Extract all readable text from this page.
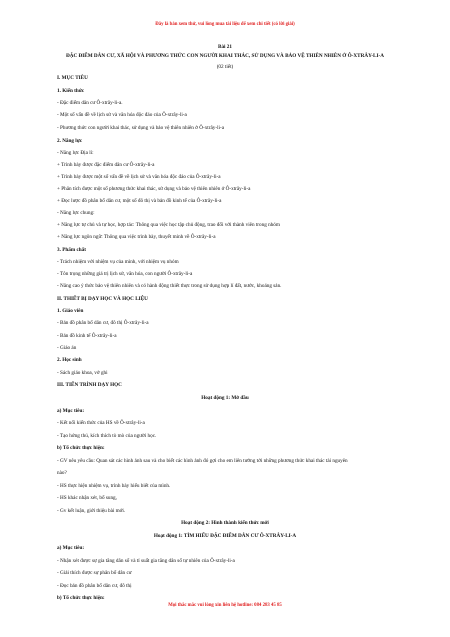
Đây là bản xem thử, vui lòng mua tài liệu để xem chi tiết (có lời giải)
Bài 21
ĐẶC ĐIỂM DÂN CƯ, XÃ HỘI VÀ PHƯƠNG THỨC CON NGƯỜI KHAI THÁC, SỬ DỤNG VÀ BẢO VỆ THIÊN NHIÊN Ở Ô-XTRÂY-LI-A
(02 tiết)
I. MỤC TIÊU
1. Kiến thức
- Đặc điểm dân cư Ô-xtrây-li-a.
- Một số vấn đề về lịch sử và văn hóa độc đáo của Ô-xtrây-li-a
- Phương thức con người khai thác, sử dụng và bảo vệ thiên nhiên ở Ô-xtrây-li-a
2. Năng lực
- Năng lực Địa lí:
+ Trình bày được đặc điểm dân cư Ô-xtrây-li-a
+ Trình bày được một số vấn đề về lịch sử và văn hóa độc đáo của Ô-xtrây-li-a
+ Phân tích được một số phương thức khai thác, sử dụng và bảo vệ thiên nhiên ở Ô-xtrây-li-a
+ Đọc lược đồ phân bố dân cư, một số đô thị và bản đồ kinh tế của Ô-xtrây-li-a
- Năng lực chung:
+ Năng lực tự chủ và tự học, hợp tác: Thông qua việc học tập chủ động, trao đổi với thành viên trong nhóm
+ Năng lực ngôn ngữ: Thông qua việc trình bày, thuyết minh về Ô-xtrây-li-a
3. Phẩm chất
- Trách nhiệm với nhiệm vụ của mình, với nhiệm vụ nhóm
- Tôn trọng những giá trị lịch sử, văn hóa, con người Ô-xtrây-li-a
- Nâng cao ý thức bảo vệ thiên nhiên và có hành động thiết thực trong sử dụng hợp lí đất, nước, khoáng sản.
II. THIẾT BỊ DẠY HỌC VÀ HỌC LIỆU
1. Giáo viên
- Bản đồ phân bố dân cư, đô thị Ô-xtrây-li-a
- Bản đồ kinh tế Ô-xtrây-li-a
- Giáo án
2. Học sinh
- Sách giáo khoa, vở ghi
III. TIẾN TRÌNH DẠY HỌC
Hoạt động 1: Mở đầu
a) Mục tiêu:
- Kết nối kiến thức của HS về Ô-xtrây-li-a
- Tạo hứng thú, kích thích tò mò của người học.
b) Tổ chức thực hiện:
- GV nêu yêu cầu: Quan sát các hình ảnh sau và cho biết các hình ảnh đó gợi cho em liên tưởng tới những phương thức khai thác tài nguyên
nào?
- HS thực hiện nhiệm vụ, trình bày hiểu biết của mình.
- HS khác nhận xét, bổ sung,
- Gv kết luận, giới thiệu bài mới.
Hoạt động 2: Hình thành kiến thức mới
Hoạt động 1: TÌM HIỂU ĐẶC ĐIỂM DÂN CƯ Ô-XTRÂY-LI-A
a) Mục tiêu:
- Nhận xét được sự gia tăng dân số và tỉ suất gia tăng dân số tự nhiên của Ô-xtrây-li-a
- Giải thích được sự phân bố dân cư
- Đọc bản đồ phân bố dân cư, đô thị
b) Tổ chức thực hiện:
Mọi thắc mắc vui lòng xin liên hệ hotline: 084 283 45 85
